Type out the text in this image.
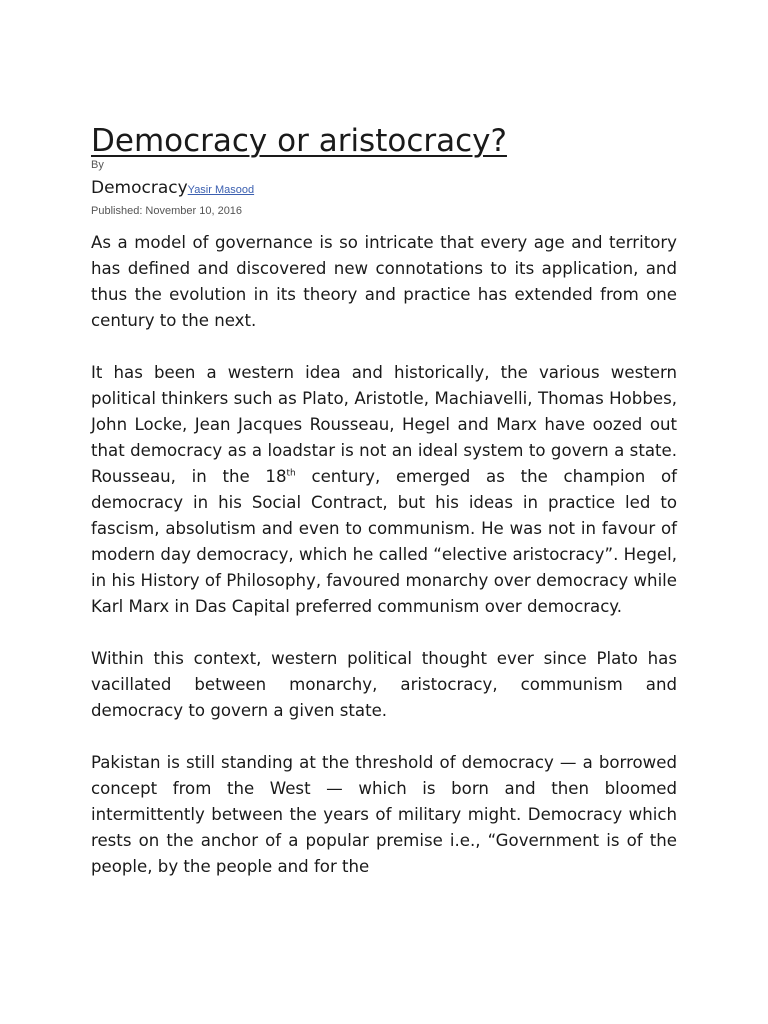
Democracy or aristocracy?
By
DemocracyYasir Masood
Published: November 10, 2016

As a model of governance is so intricate that every age and territory has defined and discovered new connotations to its application, and thus the evolution in its theory and practice has extended from one century to the next.

It has been a western idea and historically, the various western political thinkers such as Plato, Aristotle, Machiavelli, Thomas Hobbes, John Locke, Jean Jacques Rousseau, Hegel and Marx have oozed out that democracy as a loadstar is not an ideal system to govern a state. Rousseau, in the 18th century, emerged as the champion of democracy in his Social Contract, but his ideas in practice led to fascism, absolutism and even to communism. He was not in favour of modern day democracy, which he called “elective aristocracy”. Hegel, in his History of Philosophy, favoured monarchy over democracy while Karl Marx in Das Capital preferred communism over democracy.

Within this context, western political thought ever since Plato has vacillated between monarchy, aristocracy, communism and democracy to govern a given state.

Pakistan is still standing at the threshold of democracy — a borrowed concept from the West — which is born and then bloomed intermittently between the years of military might. Democracy which rests on the anchor of a popular premise i.e., “Government is of the people, by the people and for the
